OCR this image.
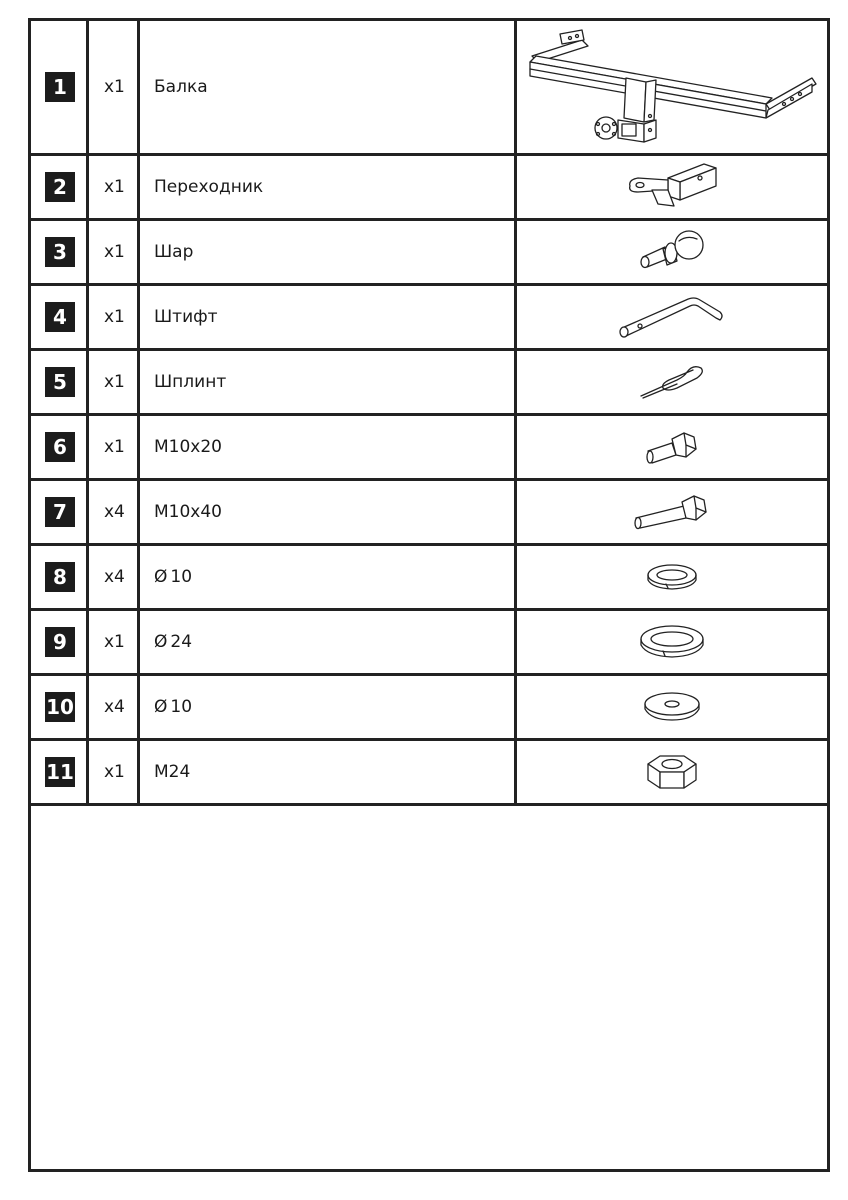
1	x1 Балка
2	x1 Переходник
3	x1 Шар
4	x1 Штифт
5	x1 Шплинт
6	x1 M10x20
7	x4 M10x40
8	x4 Ø 10
9	x1 Ø 24
10 x4 Ø 10
11 x1 M24
